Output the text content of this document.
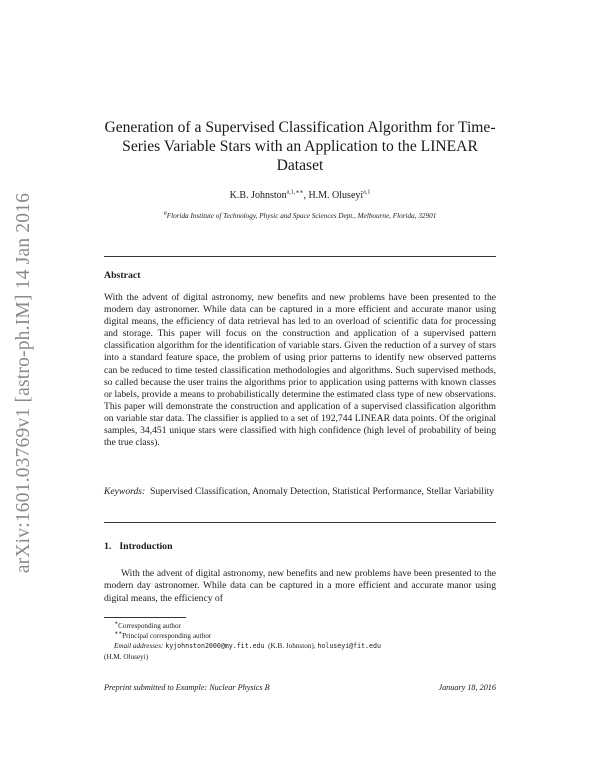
arXiv:1601.03769v1 [astro-ph.IM] 14 Jan 2016
Generation of a Supervised Classification Algorithm for Time-Series Variable Stars with an Application to the LINEAR Dataset
K.B. Johnston$^{a,1,∗∗}$, H.M. Oluseyi$^{a,1}$
$^a$Florida Institute of Technology, Physic and Space Sciences Dept., Melbourne, Florida, 32901
Abstract

With the advent of digital astronomy, new benefits and new problems have been presented to the modern day astronomer. While data can be captured in a more efficient and accurate manor using digital means, the efficiency of data retrieval has led to an overload of scientific data for processing and storage. This paper will focus on the construction and application of a supervised pattern classification algorithm for the identification of variable stars. Given the reduction of a survey of stars into a standard feature space, the problem of using prior patterns to identify new observed patterns can be reduced to time tested classification methodologies and algorithms. Such supervised methods, so called because the user trains the algorithms prior to application using patterns with known classes or labels, provide a means to probabilistically determine the estimated class type of new observations. This paper will demonstrate the construction and application of a supervised classification algorithm on variable star data. The classifier is applied to a set of 192,744 LINEAR data points. Of the original samples, 34,451 unique stars were classified with high confidence (high level of probability of being the true class).

Keywords: Supervised Classification, Anomaly Detection, Statistical Performance, Stellar Variability

1. Introduction

With the advent of digital astronomy, new benefits and new problems have been presented to the modern day astronomer. While data can be captured in a more efficient and accurate manor using digital means, the efficiency of

∗Corresponding author
∗∗Principal corresponding author
Email addresses: kyjohnston2000@my.fit.edu (K.B. Johnston), holuseyi@fit.edu
(H.M. Oluseyi)
Preprint submitted to Example: Nuclear Physics B	January 18, 2016
